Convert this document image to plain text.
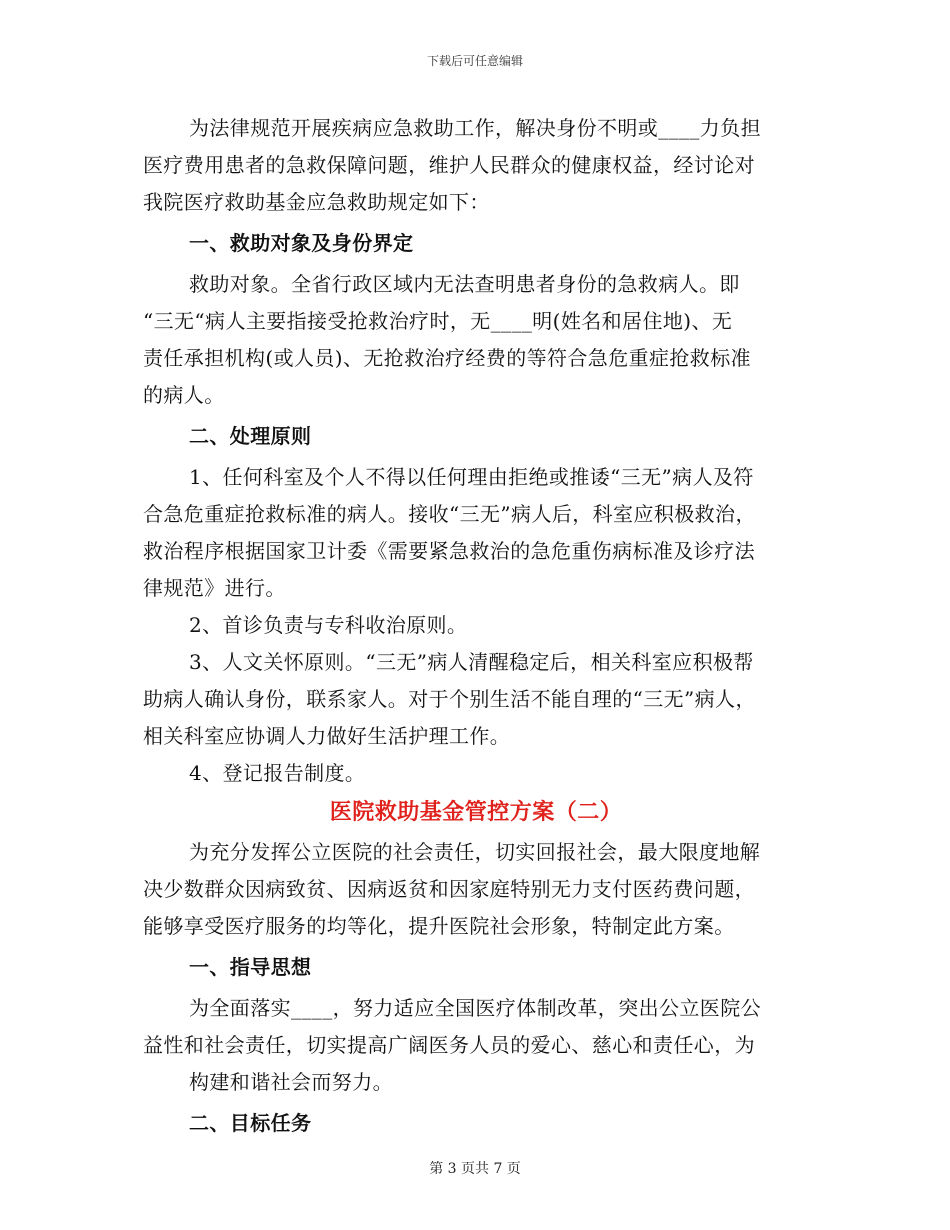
下载后可任意编辑
为法律规范开展疾病应急救助工作，解决身份不明或____力负担
医疗费用患者的急救保障问题，维护人民群众的健康权益，经讨论对
我院医疗救助基金应急救助规定如下：
一、救助对象及身份界定
救助对象。全省行政区域内无法查明患者身份的急救病人。即
“三无“病人主要指接受抢救治疗时，无____明(姓名和居住地)、无
责任承担机构(或人员)、无抢救治疗经费的等符合急危重症抢救标准
的病人。
二、处理原则
1、任何科室及个人不得以任何理由拒绝或推诿“三无”病人及符
合急危重症抢救标准的病人。接收“三无”病人后，科室应积极救治，
救治程序根据国家卫计委《需要紧急救治的急危重伤病标准及诊疗法
律规范》进行。
2、首诊负责与专科收治原则。
3、人文关怀原则。“三无”病人清醒稳定后，相关科室应积极帮
助病人确认身份，联系家人。对于个别生活不能自理的“三无”病人，
相关科室应协调人力做好生活护理工作。
4、登记报告制度。
医院救助基金管控方案（二）
为充分发挥公立医院的社会责任，切实回报社会，最大限度地解
决少数群众因病致贫、因病返贫和因家庭特别无力支付医药费问题，
能够享受医疗服务的均等化，提升医院社会形象，特制定此方案。
一、指导思想
为全面落实____，努力适应全国医疗体制改革，突出公立医院公
益性和社会责任，切实提高广阔医务人员的爱心、慈心和责任心，为
构建和谐社会而努力。
二、目标任务
第 3 页共 7 页
